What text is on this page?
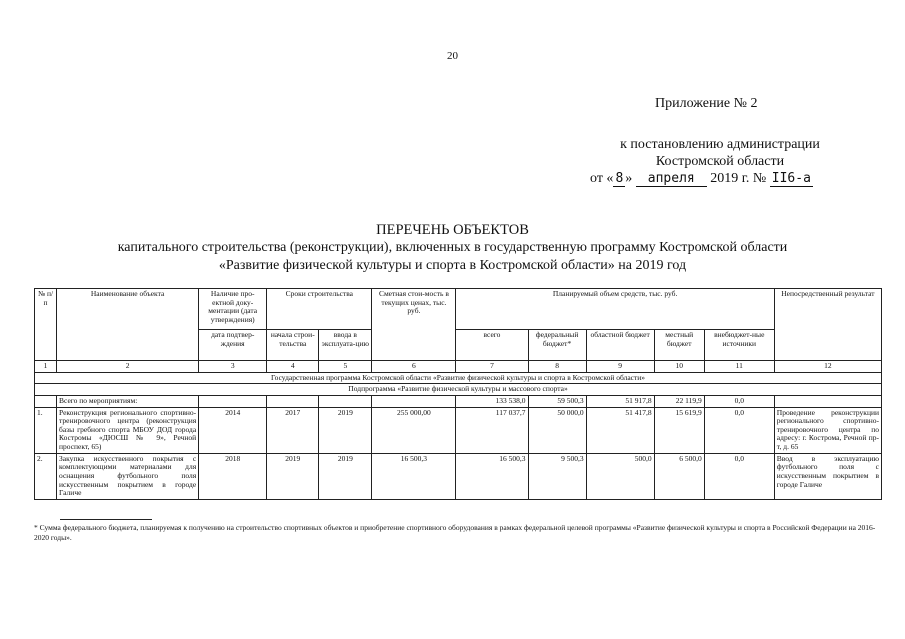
20
Приложение № 2
к постановлению администрации
Костромской области
от « 8 » апреля 2019 г. № II6-а
ПЕРЕЧЕНЬ ОБЪЕКТОВ
капитального строительства (реконструкции), включенных в государственную программу Костромской области
«Развитие физической культуры и спорта в Костромской области» на 2019 год
№ п/п	Наименование объекта	Наличие про-ектной доку-ментации (дата утверждения)	Сроки строительства		Сметная стои-мость в текущих ценах, тыс. руб.	Планируемый объем средств, тыс. руб.					Непосредственный результат
		дата подтвер-ждения	начала строи-тельства	ввода в эксплуата-цию		всего	федеральный бюджет*	областной бюджет	местный бюджет	внебюджет-ные источники	
1	2	3	4	5	6	7	8	9	10	11	12
Государственная программа Костромской области «Развитие физической культуры и спорта в Костромской области»											
Подпрограмма «Развитие физической культуры и массового спорта»											
	Всего по мероприятиям:					133 538,0	59 500,3	51 917,8	22 119,9	0,0	
1.	Реконструкция регионального спортивно-тренировочного центра (реконструкция базы гребного спорта МБОУ ДОД города Костромы «ДЮСШ № 9», Речной проспект, 65)	2014	2017	2019	255 000,00	117 037,7	50 000,0	51 417,8	15 619,9	0,0	Проведение реконструкции регионального спортивно-тренировочного центра по адресу: г. Кострома, Речной пр-т, д. 65
2.	Закупка искусственного покрытия с комплектующими материалами для оснащения футбольного поля искусственным покрытием в городе Галиче	2018	2019	2019	16 500,3	16 500,3	9 500,3	500,0	6 500,0	0,0	Ввод в эксплуатацию футбольного поля с искусственным покрытием в городе Галиче
* Сумма федерального бюджета, планируемая к получению на строительство спортивных объектов и приобретение спортивного оборудования в рамках федеральной целевой программы «Развитие физической культуры и спорта в Российской Федерации на 2016-2020 годы».
